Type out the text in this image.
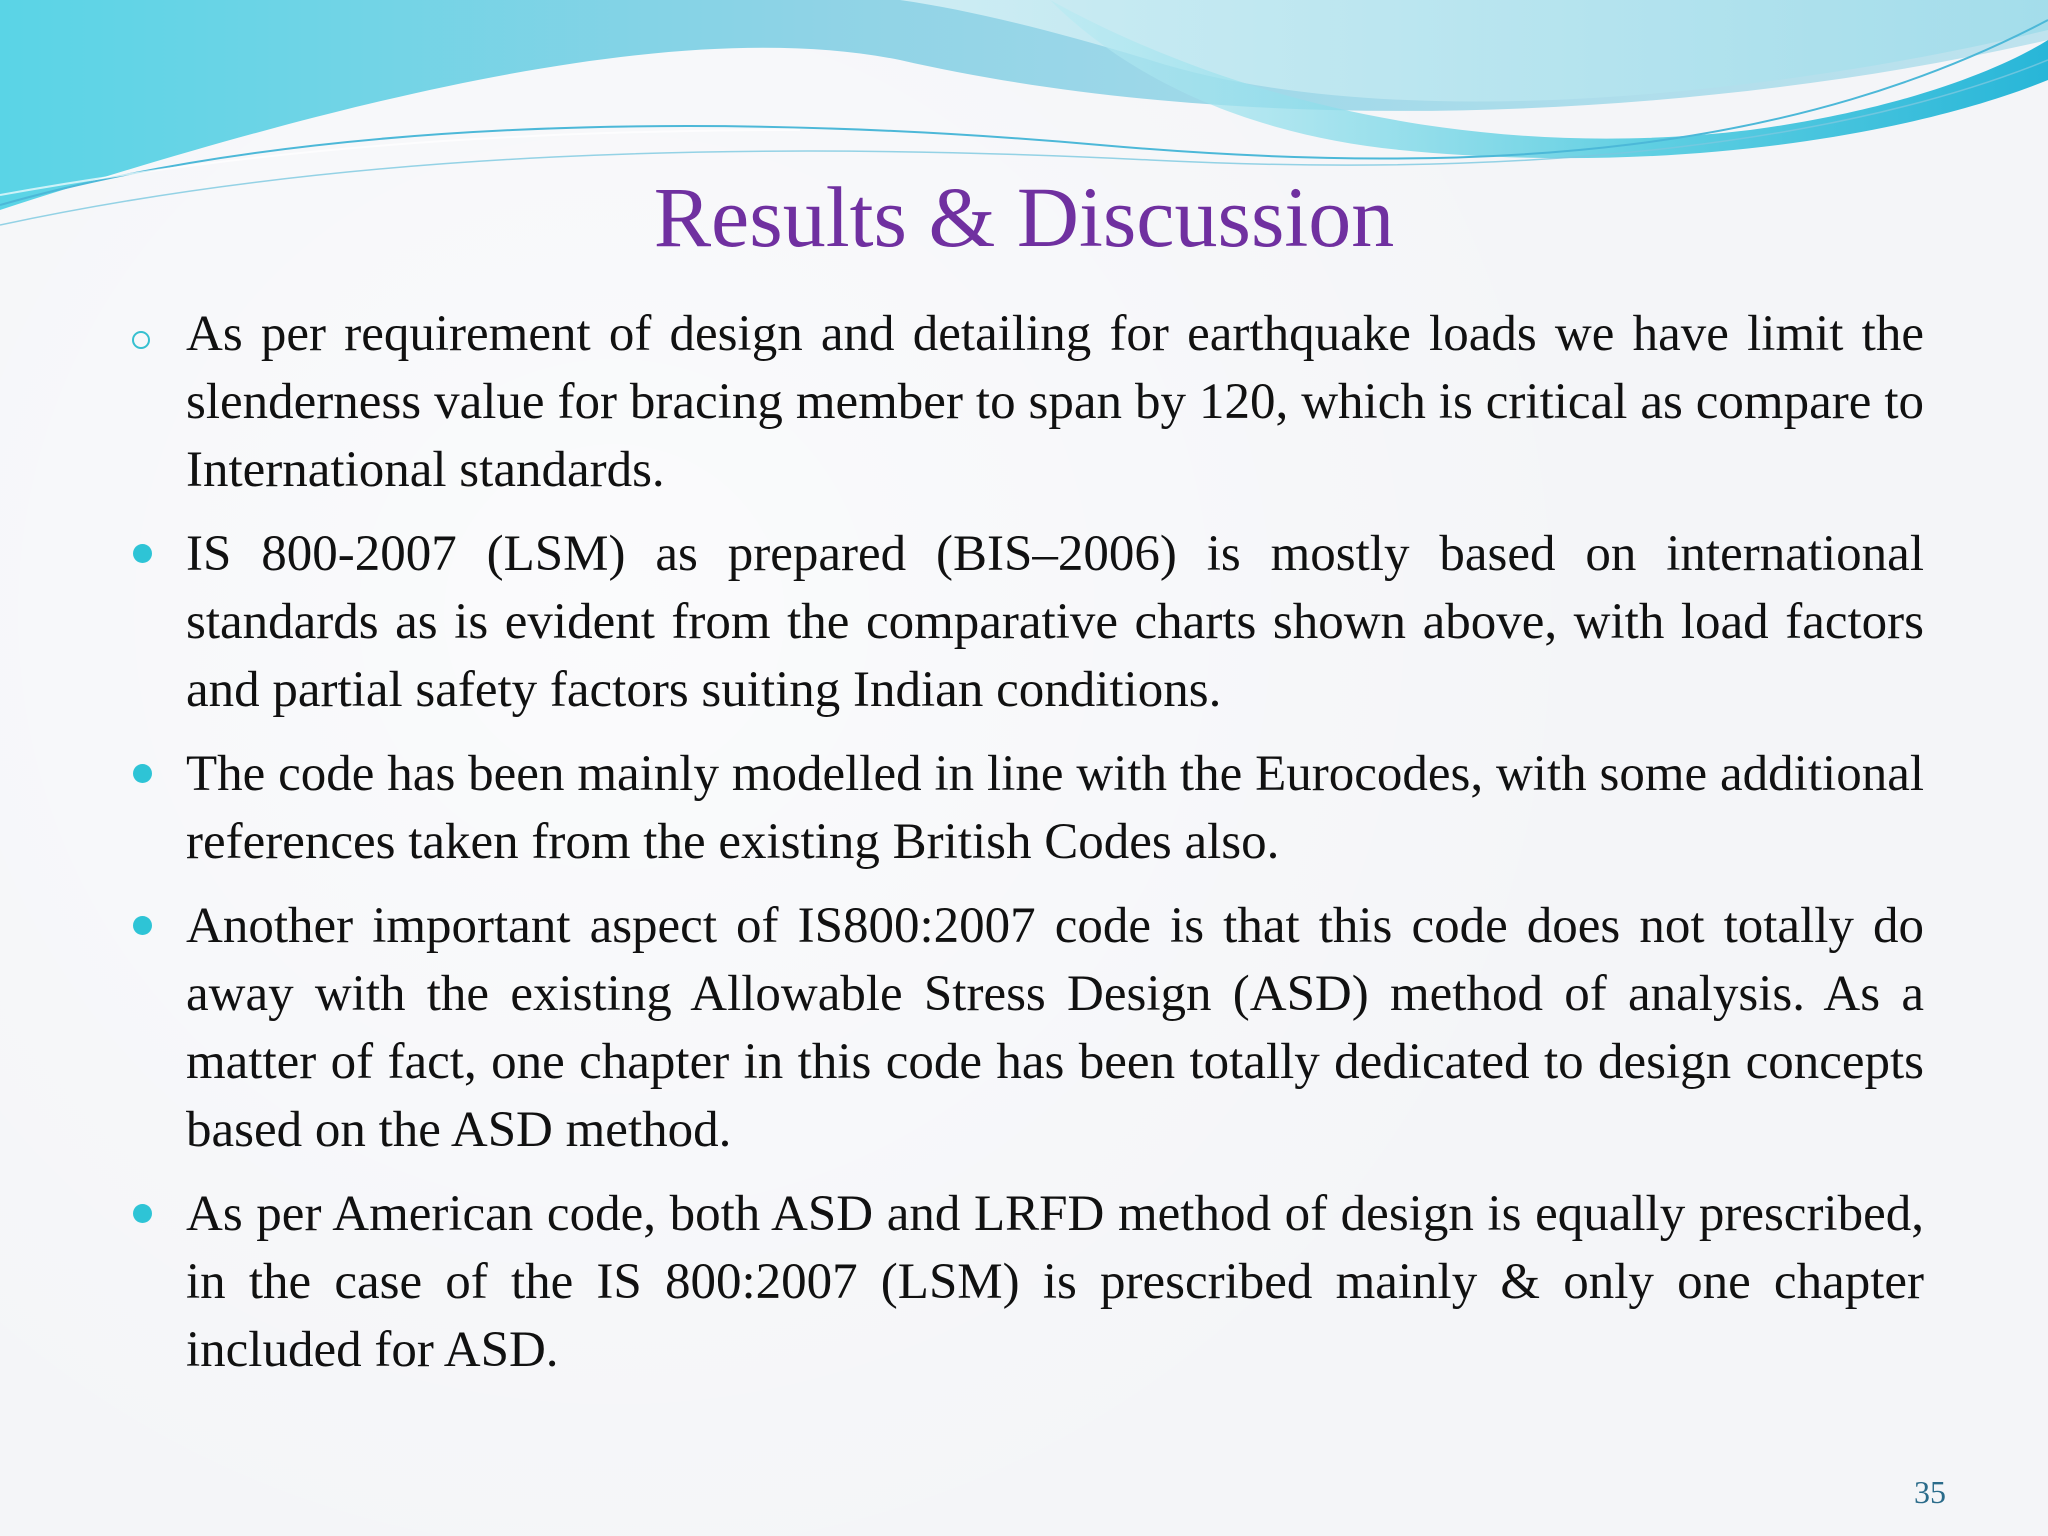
Results & Discussion
As per requirement of design and detailing for earthquake loads we have limit the slenderness value for bracing member to span by 120, which is critical as compare to International standards.
IS 800-2007 (LSM) as prepared (BIS–2006) is mostly based on international standards as is evident from the comparative charts shown above, with load factors and partial safety factors suiting Indian conditions.
The code has been mainly modelled in line with the Eurocodes, with some additional references taken from the existing British Codes also.
Another important aspect of IS800:2007 code is that this code does not totally do away with the existing Allowable Stress Design (ASD) method of analysis. As a matter of fact, one chapter in this code has been totally dedicated to design concepts based on the ASD method.
As per American code, both ASD and LRFD method of design is equally prescribed, in the case of the IS 800:2007 (LSM) is prescribed mainly & only one chapter included for ASD.
35
